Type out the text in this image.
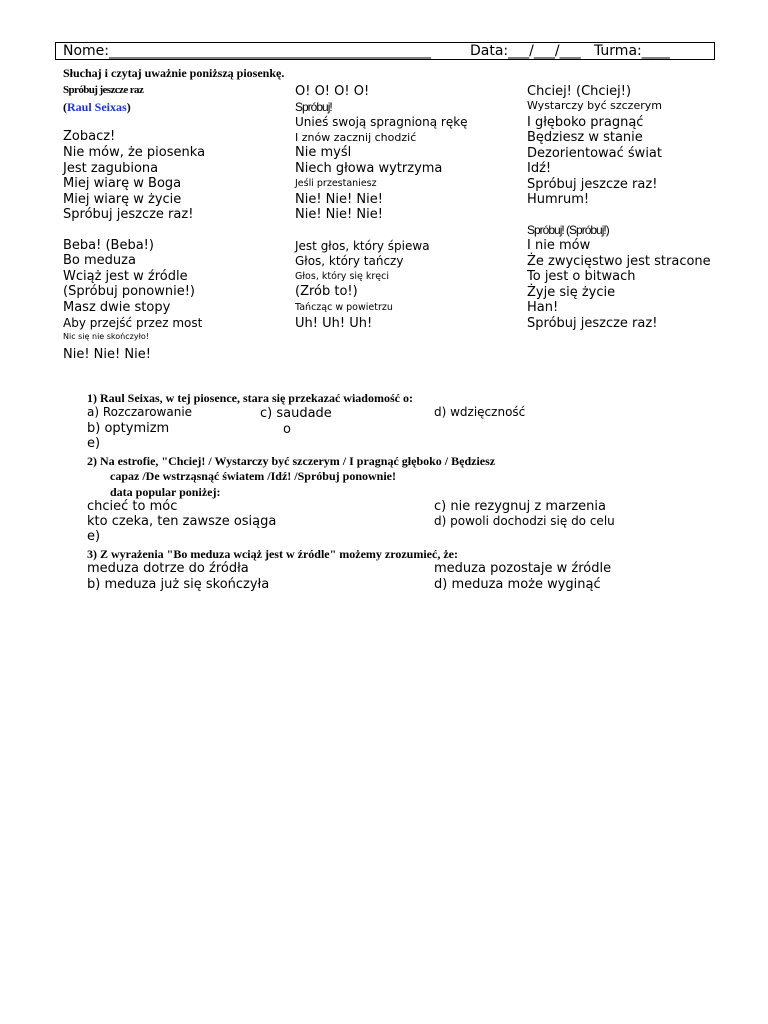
Nome:______________________________________________	Data:___/___/___ Turma:____
Słuchaj i czytaj uważnie poniższą piosenkę.
Spróbuj jeszcze raz
(Raul Seixas)
Zobacz!
Nie mów, że piosenka
Jest zagubiona
Miej wiarę w Boga
Miej wiarę w życie
Spróbuj jeszcze raz!
Beba! (Beba!)
Bo meduza
Wciąż jest w źródle
(Spróbuj ponownie!)
Masz dwie stopy
Aby przejść przez most
Nic się nie skończyło!
Nie! Nie! Nie!
O! O! O! O!
Spróbuj!
Unieś swoją spragnioną rękę
I znów zacznij chodzić
Nie myśl
Niech głowa wytrzyma
Jeśli przestaniesz
Nie! Nie! Nie!
Nie! Nie! Nie!
Jest głos, który śpiewa
Głos, który tańczy
Głos, który się kręci
(Zrób to!)
Tańcząc w powietrzu
Uh! Uh! Uh!
Chciej! (Chciej!)
Wystarczy być szczerym
I głęboko pragnąć
Będziesz w stanie
Dezorientować świat
Idź!
Spróbuj jeszcze raz!
Humrum!
Spróbuj! (Spróbuj!)
I nie mów
Że zwycięstwo jest stracone
To jest o bitwach
Żyje się życie
Han!
Spróbuj jeszcze raz!
1) Raul Seixas, w tej piosence, stara się przekazać wiadomość o:
a) Rozczarowanie	c) saudade	d) wdzięczność
b) optymizm	o
e)
2) Na estrofie, "Chciej! / Wystarczy być szczerym / I pragnąć głęboko / Będziesz
capaz /De wstrząsnąć światem /Idź! /Spróbuj ponownie!
data popular poniżej:
chcieć to móc	c) nie rezygnuj z marzenia
kto czeka, ten zawsze osiąga	d) powoli dochodzi się do celu
e)
3) Z wyrażenia "Bo meduza wciąż jest w źródle" możemy zrozumieć, że:
meduza dotrze do źródła	meduza pozostaje w źródle
b) meduza już się skończyła	d) meduza może wyginąć
